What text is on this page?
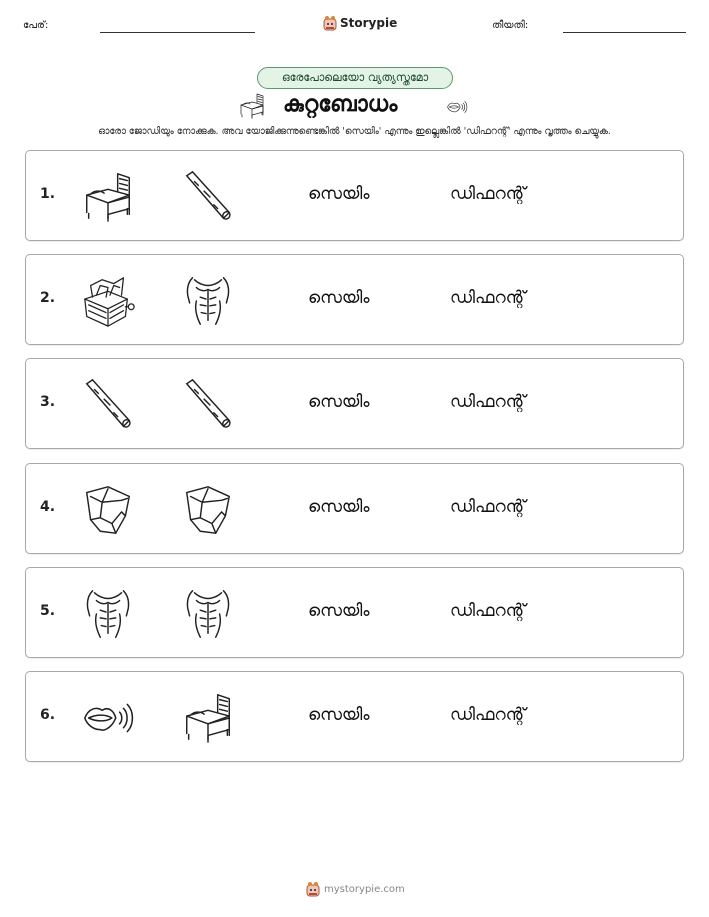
പേര്:	Storypie	തീയതി:
ഒരേപോലെയോ വ്യത്യസ്തമോ
കുറ്റബോധം
ഓരോ ജോഡിയും നോക്കുക. അവ യോജിക്കുന്നുണ്ടെങ്കിൽ 'സെയിം' എന്നും ഇല്ലെങ്കിൽ 'ഡിഫറന്റ്' എന്നും വൃത്തം ചെയ്യുക.
1.	സെയിം	ഡിഫറന്റ്
2.	സെയിം	ഡിഫറന്റ്
3.	സെയിം	ഡിഫറന്റ്
4.	സെയിം	ഡിഫറന്റ്
5.	സെയിം	ഡിഫറന്റ്
6.	സെയിം	ഡിഫറന്റ്
mystorypie.com
